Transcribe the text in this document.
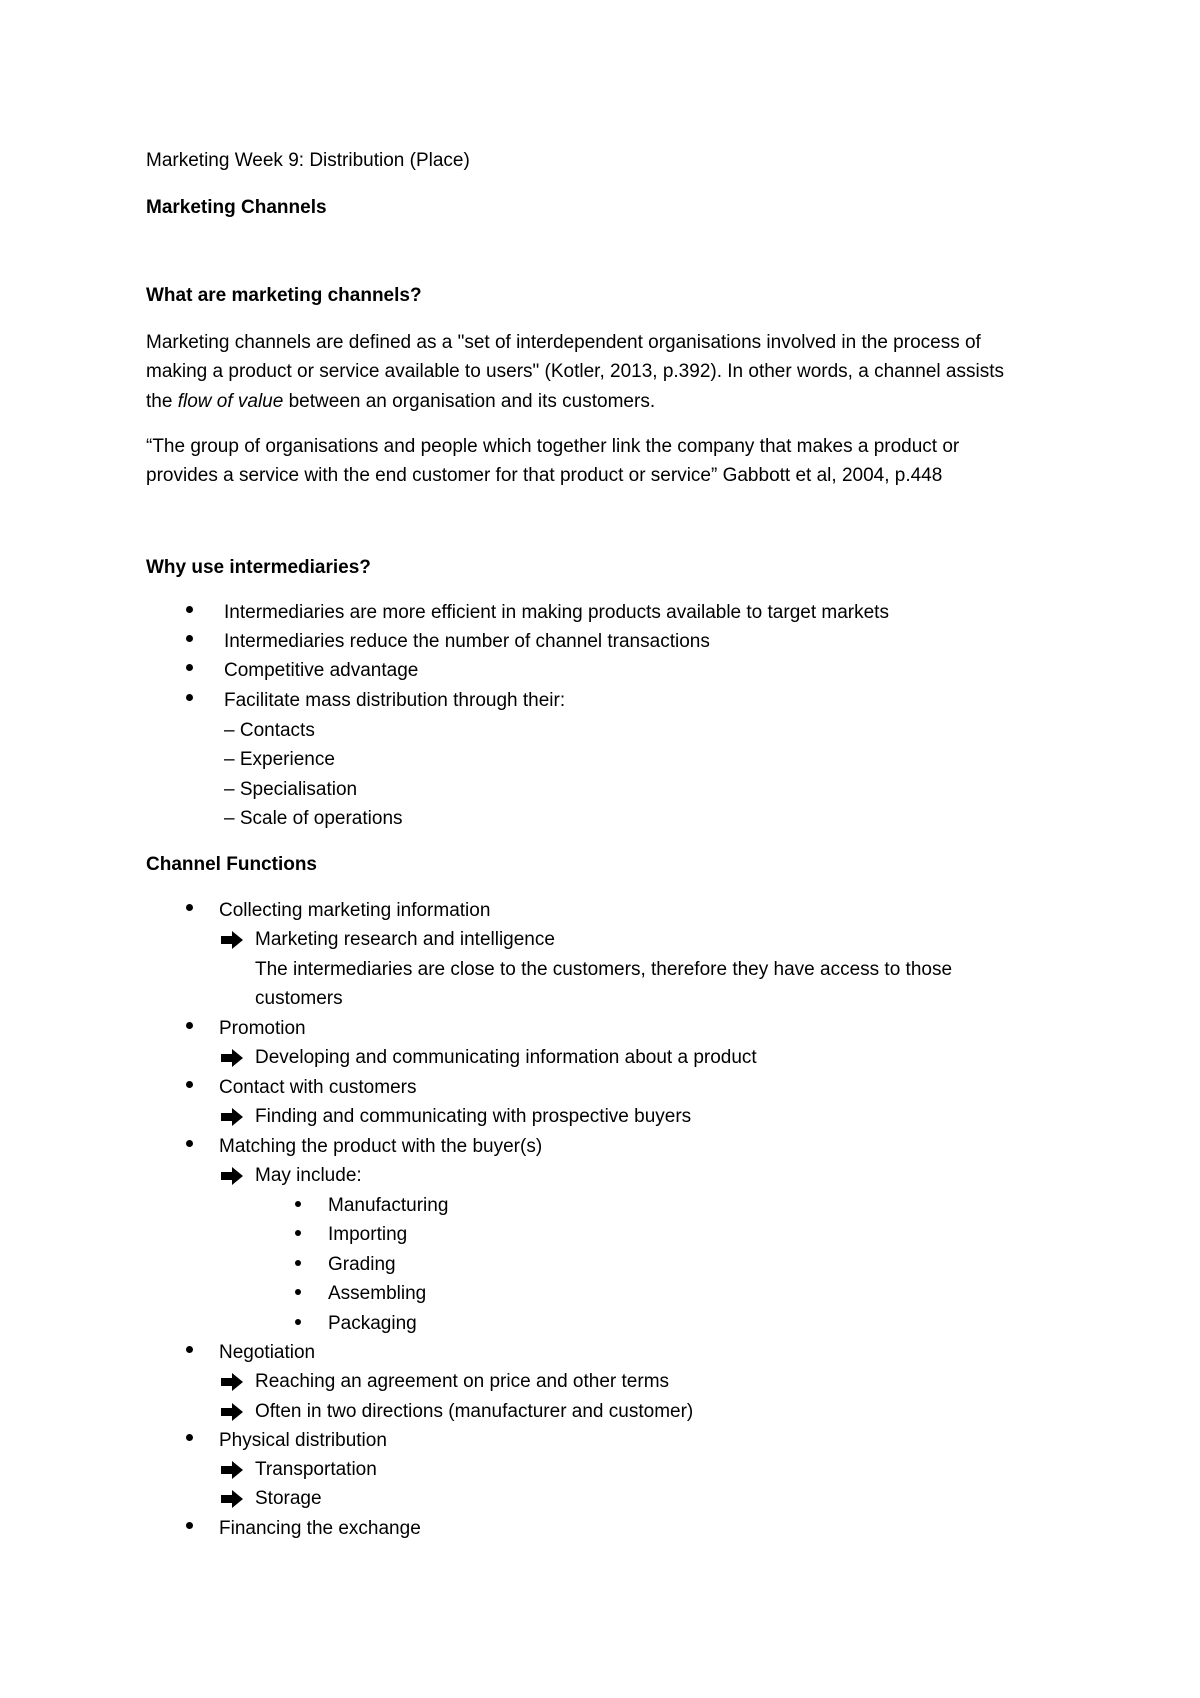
Marketing Week 9: Distribution (Place)
Marketing Channels
What are marketing channels?
Marketing channels are defined as a "set of interdependent organisations involved in the process of
making a product or service available to users" (Kotler, 2013, p.392). In other words, a channel assists
the flow of value between an organisation and its customers.
“The group of organisations and people which together link the company that makes a product or
provides a service with the end customer for that product or service” Gabbott et al, 2004, p.448
Why use intermediaries?
Intermediaries are more efficient in making products available to target markets
Intermediaries reduce the number of channel transactions
Competitive advantage
Facilitate mass distribution through their:
– Contacts
– Experience
– Specialisation
– Scale of operations
Channel Functions
Collecting marketing information
Marketing research and intelligence
The intermediaries are close to the customers, therefore they have access to those
customers
Promotion
Developing and communicating information about a product
Contact with customers
Finding and communicating with prospective buyers
Matching the product with the buyer(s)
May include:
Manufacturing
Importing
Grading
Assembling
Packaging
Negotiation
Reaching an agreement on price and other terms
Often in two directions (manufacturer and customer)
Physical distribution
Transportation
Storage
Financing the exchange
